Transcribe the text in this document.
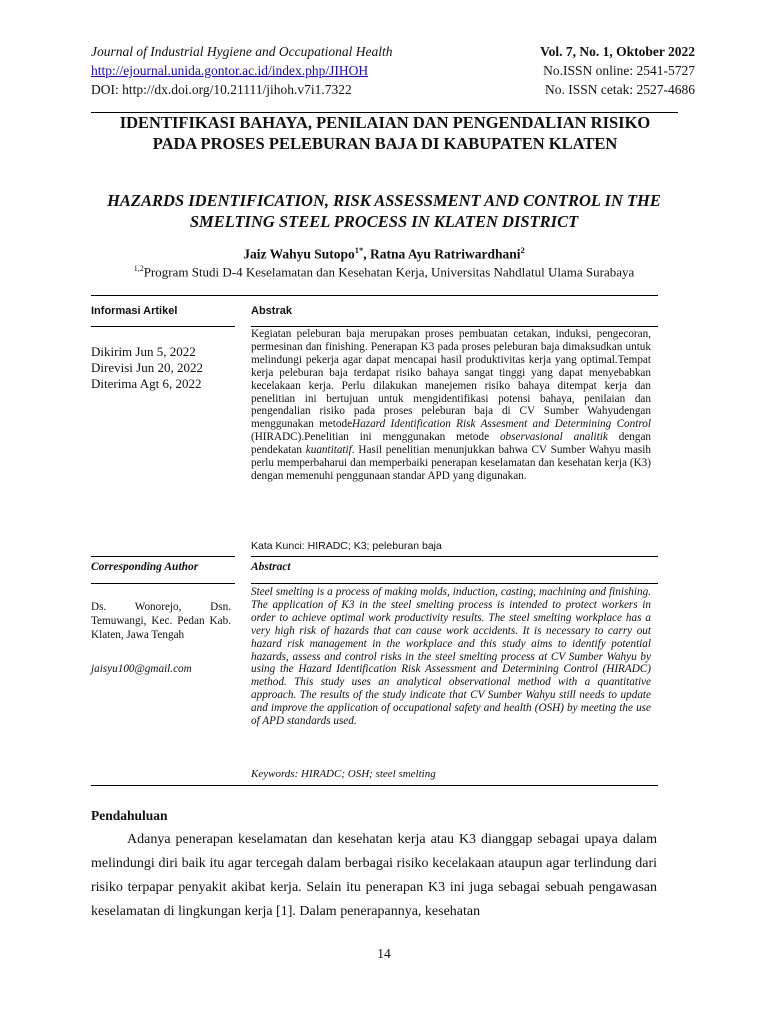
Journal of Industrial Hygiene and Occupational Health	Vol. 7, No. 1, Oktober 2022
http://ejournal.unida.gontor.ac.id/index.php/JIHOH	No.ISSN online: 2541-5727
DOI: http://dx.doi.org/10.21111/jihoh.v7i1.7322	No. ISSN cetak: 2527-4686
IDENTIFIKASI BAHAYA, PENILAIAN DAN PENGENDALIAN RISIKO PADA PROSES PELEBURAN BAJA DI KABUPATEN KLATEN
HAZARDS IDENTIFICATION, RISK ASSESSMENT AND CONTROL IN THE SMELTING STEEL PROCESS IN KLATEN DISTRICT
Jaiz Wahyu Sutopo$^{1*}$, Ratna Ayu Ratriwardhani$^2$
$^{1,2}$Program Studi D-4 Keselamatan dan Kesehatan Kerja, Universitas Nahdlatul Ulama Surabaya
Informasi Artikel	Abstrak
Dikirim Jun 5, 2022
Direvisi Jun 20, 2022
Diterima Agt 6, 2022
Kegiatan peleburan baja merupakan proses pembuatan cetakan, induksi, pengecoran, permesinan dan finishing. Penerapan K3 pada proses peleburan baja dimaksudkan untuk melindungi pekerja agar dapat mencapai hasil produktivitas kerja yang optimal.Tempat kerja peleburan baja terdapat risiko bahaya sangat tinggi yang dapat menyebabkan kecelakaan kerja. Perlu dilakukan manejemen risiko bahaya ditempat kerja dan penelitian ini bertujuan untuk mengidentifikasi potensi bahaya, penilaian dan pengendalian risiko pada proses peleburan baja di CV Sumber Wahyudengan menggunakan metodeHazard Identification Risk Assesment and Determining Control (HIRADC).Penelitian ini menggunakan metode observasional analitik dengan pendekatan kuantitatif. Hasil penelitian menunjukkan bahwa CV Sumber Wahyu masih perlu memperbaharui dan memperbaiki penerapan keselamatan dan kesehatan kerja (K3) dengan memenuhi penggunaan standar APD yang digunakan.
Kata Kunci: HIRADC; K3; peleburan baja
Corresponding Author	Abstract
Ds. Wonorejo, Dsn. Temuwangi, Kec. Pedan Kab. Klaten, Jawa Tengah
jaisyu100@gmail.com
Steel smelting is a process of making molds, induction, casting, machining and finishing. The application of K3 in the steel smelting process is intended to protect workers in order to achieve optimal work productivity results. The steel smelting workplace has a very high risk of hazards that can cause work accidents. It is necessary to carry out hazard risk management in the workplace and this study aims to identify potential hazards, assess and control risks in the steel smelting process at CV Sumber Wahyu by using the Hazard Identification Risk Assessment and Determining Control (HIRADC) method. This study uses an analytical observational method with a quantitative approach. The results of the study indicate that CV Sumber Wahyu still needs to update and improve the application of occupational safety and health (OSH) by meeting the use of APD standards used.
Keywords: HIRADC; OSH; steel smelting
Pendahuluan
Adanya penerapan keselamatan dan kesehatan kerja atau K3 dianggap sebagai upaya dalam melindungi diri baik itu agar tercegah dalam berbagai risiko kecelakaan ataupun agar terlindung dari risiko terpapar penyakit akibat kerja. Selain itu penerapan K3 ini juga sebagai sebuah pengawasan keselamatan di lingkungan kerja [1]. Dalam penerapannya, kesehatan
14
